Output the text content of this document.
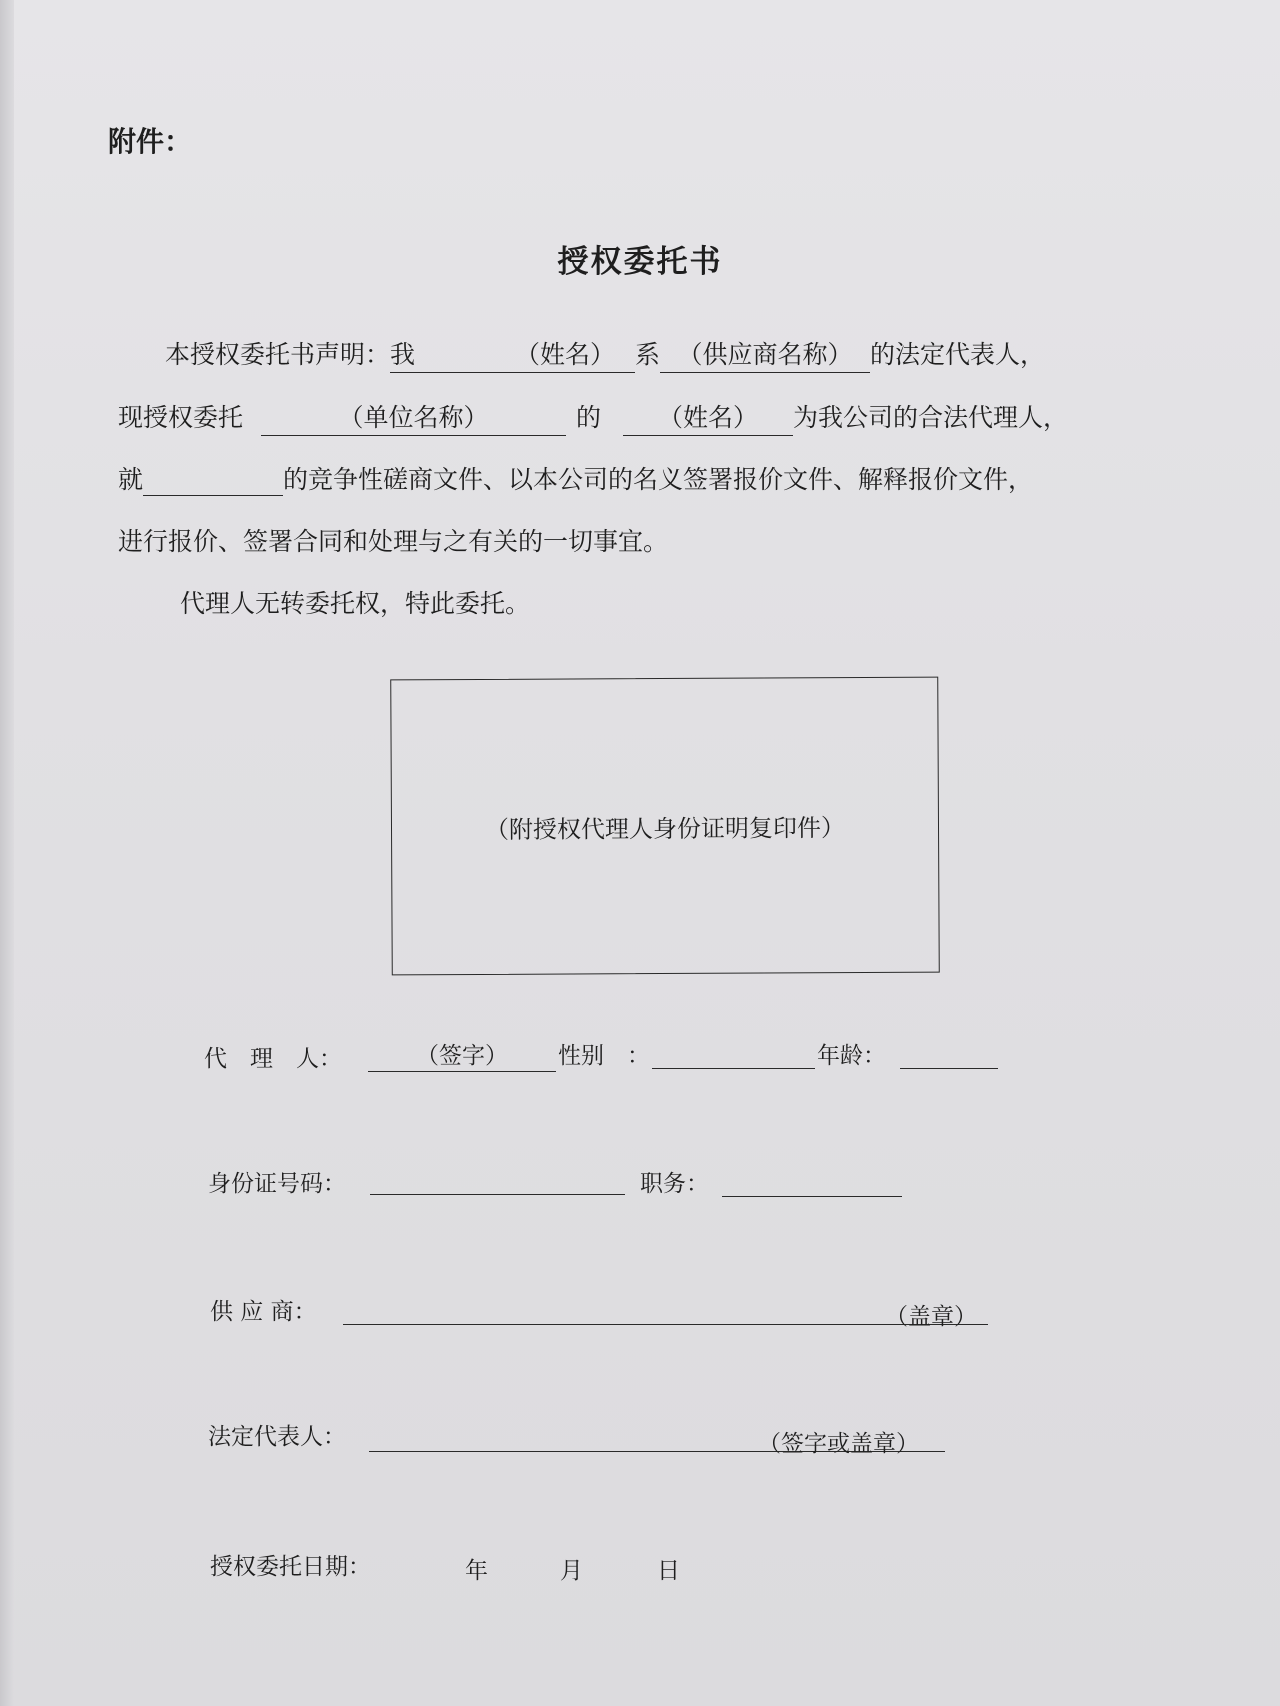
附件：
授权委托书
本授权委托书声明：我	（姓名） 系 （供应商名称） 的法定代表人，
现授权委托	（单位名称）	的 （姓名） 为我公司的合法代理人，
就	的竞争性磋商文件、以本公司的名义签署报价文件、解释报价文件，
进行报价、签署合同和处理与之有关的一切事宜。
代理人无转委托权，特此委托。
（附授权代理人身份证明复印件）
代　理　人：	（签字）	性别　：	年龄：
身份证号码：	职务：
供 应 商：	（盖章）
法定代表人：	（签字或盖章）
授权委托日期：	年	月	日
